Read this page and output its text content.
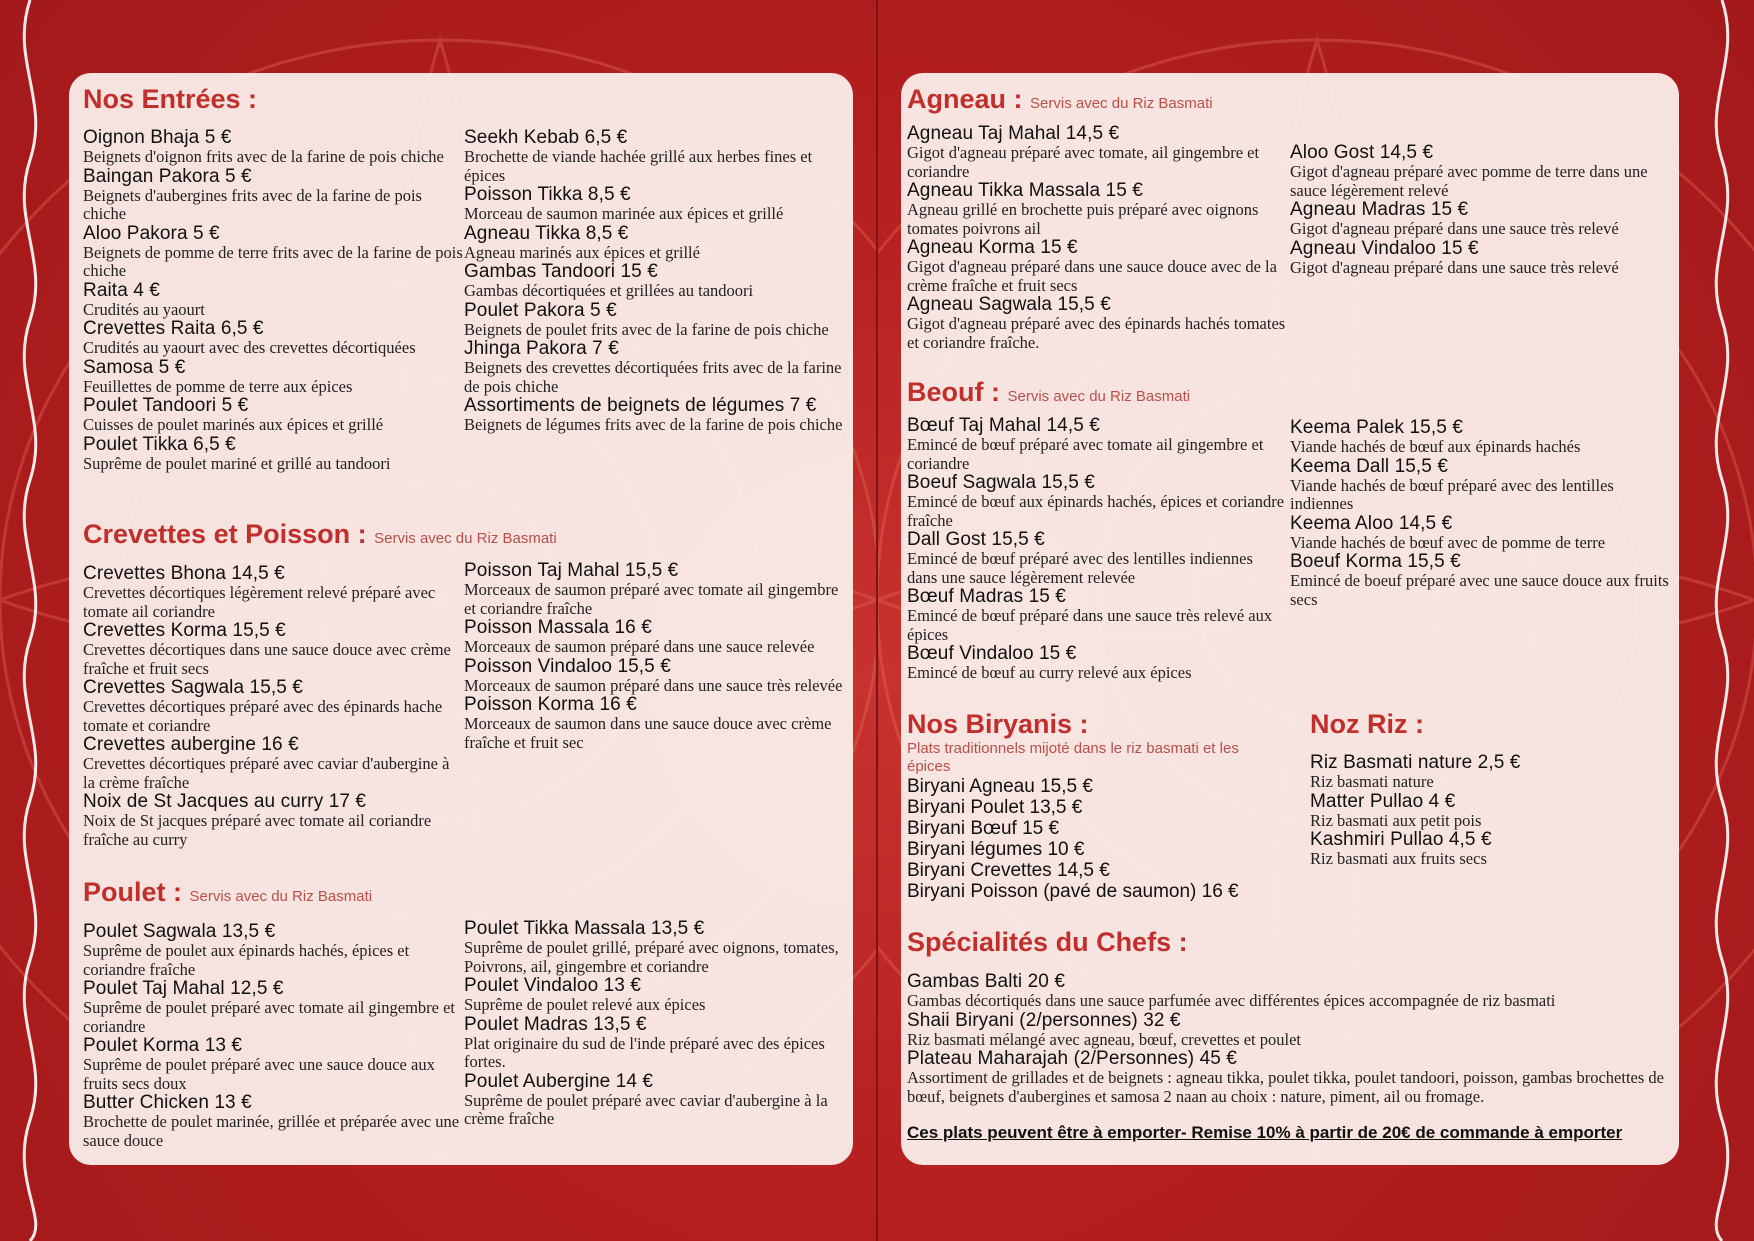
Nos Entrées :
Oignon Bhaja 5 €
Beignets d'oignon frits avec de la farine de pois chiche
Baingan Pakora 5 €
Beignets d'aubergines frits avec de la farine de pois chiche
Aloo Pakora 5 €
Beignets de pomme de terre frits avec de la farine de pois chiche
Raita 4 €
Crudités au yaourt
Crevettes Raita 6,5 €
Crudités au yaourt avec des crevettes décortiquées
Samosa 5 €
Feuillettes de pomme de terre aux épices
Poulet Tandoori 5 €
Cuisses de poulet marinés aux épices et grillé
Poulet Tikka 6,5 €
Suprême de poulet mariné et grillé au tandoori
Seekh Kebab 6,5 €
Brochette de viande hachée grillé aux herbes fines et épices
Poisson Tikka 8,5 €
Morceau de saumon marinée aux épices et grillé
Agneau Tikka 8,5 €
Agneau marinés aux épices et grillé
Gambas Tandoori 15 €
Gambas décortiquées et grillées au tandoori
Poulet Pakora 5 €
Beignets de poulet frits avec de la farine de pois chiche
Jhinga Pakora 7 €
Beignets des crevettes décortiquées frits avec de la farine de pois chiche
Assortiments de beignets de légumes 7 €
Beignets de légumes frits avec de la farine de pois chiche
Crevettes et Poisson : Servis avec du Riz Basmati
Crevettes Bhona 14,5 €
Crevettes décortiques légèrement relevé préparé avec tomate ail coriandre
Crevettes Korma 15,5 €
Crevettes décortiques dans une sauce douce avec crème fraîche et fruit secs
Crevettes Sagwala 15,5 €
Crevettes décortiques préparé avec des épinards hache tomate et coriandre
Crevettes aubergine 16 €
Crevettes décortiques préparé avec caviar d'aubergine à la crème fraîche
Noix de St Jacques au curry 17 €
Noix de St jacques préparé avec tomate ail coriandre fraîche au curry
Poisson Taj Mahal 15,5 €
Morceaux de saumon préparé avec tomate ail gingembre et coriandre fraîche
Poisson Massala 16 €
Morceaux de saumon préparé dans une sauce relevée
Poisson Vindaloo 15,5 €
Morceaux de saumon préparé dans une sauce très relevée
Poisson Korma 16 €
Morceaux de saumon dans une sauce douce avec crème fraîche et fruit sec
Poulet : Servis avec du Riz Basmati
Poulet Sagwala 13,5 €
Suprême de poulet aux épinards hachés, épices et coriandre fraîche
Poulet Taj Mahal 12,5 €
Suprême de poulet préparé avec tomate ail gingembre et coriandre
Poulet Korma 13 €
Suprême de poulet préparé avec une sauce douce aux fruits secs doux
Butter Chicken 13 €
Brochette de poulet marinée, grillée et préparée avec une sauce douce
Poulet Tikka Massala 13,5 €
Suprême de poulet grillé, préparé avec oignons, tomates, Poivrons, ail, gingembre et coriandre
Poulet Vindaloo 13 €
Suprême de poulet relevé aux épices
Poulet Madras 13,5 €
Plat originaire du sud de l'inde préparé avec des épices fortes.
Poulet Aubergine 14 €
Suprême de poulet préparé avec caviar d'aubergine à la crème fraîche
Agneau : Servis avec du Riz Basmati
Agneau Taj Mahal 14,5 €
Gigot d'agneau préparé avec tomate, ail gingembre et coriandre
Agneau Tikka Massala 15 €
Agneau grillé en brochette puis préparé avec oignons tomates poivrons ail
Agneau Korma 15 €
Gigot d'agneau préparé dans une sauce douce avec de la crème fraîche et fruit secs
Agneau Sagwala 15,5 €
Gigot d'agneau préparé avec des épinards hachés tomates et coriandre fraîche.
Aloo Gost 14,5 €
Gigot d'agneau préparé avec pomme de terre dans une sauce légèrement relevé
Agneau Madras 15 €
Gigot d'agneau préparé dans une sauce très relevé
Agneau Vindaloo 15 €
Gigot d'agneau préparé dans une sauce très relevé
Beouf : Servis avec du Riz Basmati
Bœuf Taj Mahal 14,5 €
Emincé de bœuf préparé avec tomate ail gingembre et coriandre
Boeuf Sagwala 15,5 €
Emincé de bœuf aux épinards hachés, épices et coriandre fraîche
Dall Gost 15,5 €
Emincé de bœuf préparé avec des lentilles indiennes dans une sauce légèrement relevée
Bœuf Madras 15 €
Emincé de bœuf préparé dans une sauce très relevé aux épices
Bœuf Vindaloo 15 €
Emincé de bœuf au curry relevé aux épices
Keema Palek 15,5 €
Viande hachés de bœuf aux épinards hachés
Keema Dall 15,5 €
Viande hachés de bœuf préparé avec des lentilles indiennes
Keema Aloo 14,5 €
Viande hachés de bœuf avec de pomme de terre
Boeuf Korma 15,5 €
Emincé de boeuf préparé avec une sauce douce aux fruits secs
Nos Biryanis :
Plats traditionnels mijoté dans le riz basmati et les épices
Biryani Agneau 15,5 €
Biryani Poulet 13,5 €
Biryani Bœuf 15 €
Biryani légumes 10 €
Biryani Crevettes 14,5 €
Biryani Poisson (pavé de saumon) 16 €
Noz Riz :
Riz Basmati nature 2,5 €
Riz basmati nature
Matter Pullao 4 €
Riz basmati aux petit pois
Kashmiri Pullao 4,5 €
Riz basmati aux fruits secs
Spécialités du Chefs :
Gambas Balti 20 €
Gambas décortiqués dans une sauce parfumée avec différentes épices accompagnée de riz basmati
Shaii Biryani (2/personnes) 32 €
Riz basmati mélangé avec agneau, bœuf, crevettes et poulet
Plateau Maharajah (2/Personnes) 45 €
Assortiment de grillades et de beignets : agneau tikka, poulet tikka, poulet tandoori, poisson, gambas brochettes de bœuf, beignets d'aubergines et samosa 2 naan au choix : nature, piment, ail ou fromage.
Ces plats peuvent être à emporter- Remise 10% à partir de 20€ de commande à emporter
